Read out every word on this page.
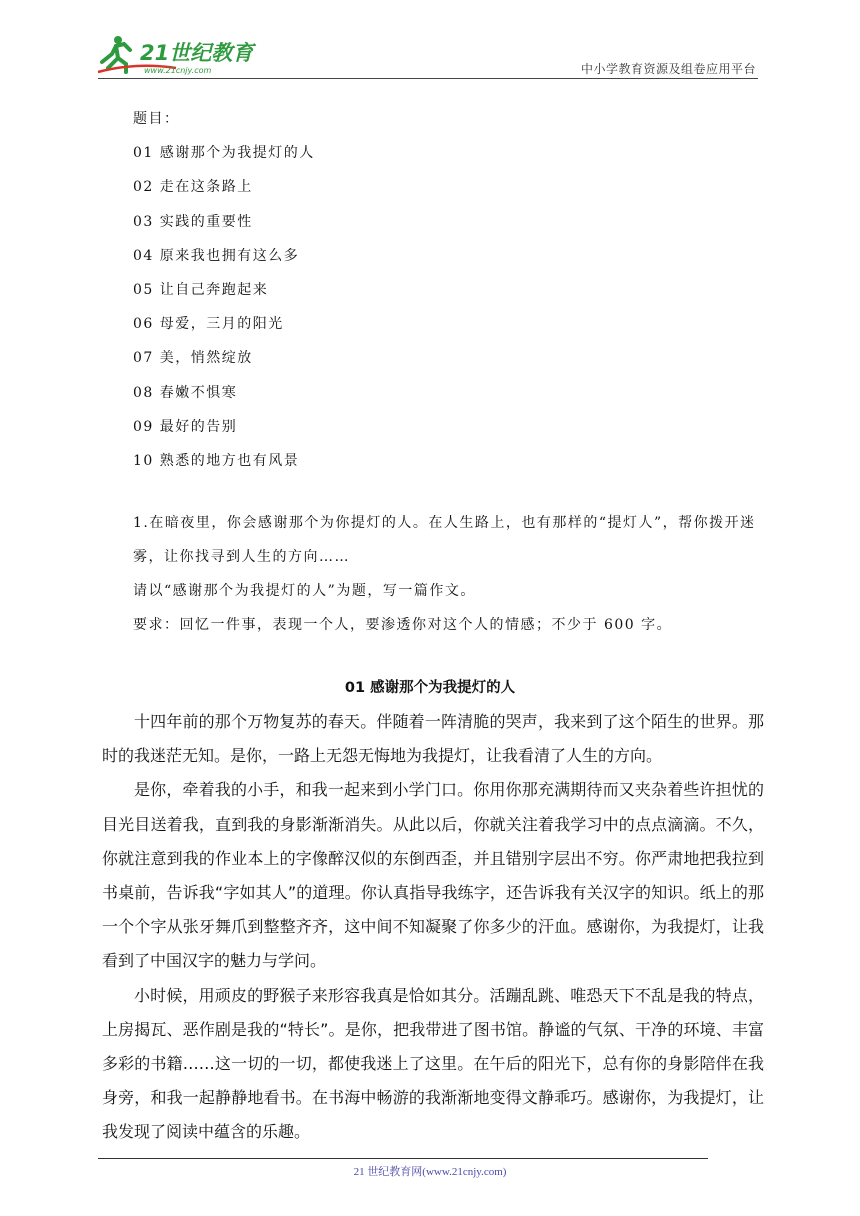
21世纪教育
www.21cnjy.com	中小学教育资源及组卷应用平台
题目：
01 感谢那个为我提灯的人
02 走在这条路上
03 实践的重要性
04 原来我也拥有这么多
05 让自己奔跑起来
06 母爱，三月的阳光
07 美，悄然绽放
08 春嫩不惧寒
09 最好的告别
10 熟悉的地方也有风景

1.在暗夜里，你会感谢那个为你提灯的人。在人生路上，也有那样的“提灯人”，帮你拨开迷雾，让你找寻到人生的方向……

请以“感谢那个为我提灯的人”为题，写一篇作文。

要求：回忆一件事，表现一个人，要渗透你对这个人的情感；不少于 600 字。

01 感谢那个为我提灯的人

十四年前的那个万物复苏的春天。伴随着一阵清脆的哭声，我来到了这个陌生的世界。那时的我迷茫无知。是你，一路上无怨无悔地为我提灯，让我看清了人生的方向。

是你，牵着我的小手，和我一起来到小学门口。你用你那充满期待而又夹杂着些许担忧的目光目送着我，直到我的身影渐渐消失。从此以后，你就关注着我学习中的点点滴滴。不久，你就注意到我的作业本上的字像醉汉似的东倒西歪，并且错别字层出不穷。你严肃地把我拉到书桌前，告诉我“字如其人”的道理。你认真指导我练字，还告诉我有关汉字的知识。纸上的那一个个字从张牙舞爪到整整齐齐，这中间不知凝聚了你多少的汗血。感谢你，为我提灯，让我看到了中国汉字的魅力与学问。

小时候，用顽皮的野猴子来形容我真是恰如其分。活蹦乱跳、唯恐天下不乱是我的特点，上房揭瓦、恶作剧是我的“特长”。是你，把我带进了图书馆。静谧的气氛、干净的环境、丰富多彩的书籍……这一切的一切，都使我迷上了这里。在午后的阳光下，总有你的身影陪伴在我身旁，和我一起静静地看书。在书海中畅游的我渐渐地变得文静乖巧。感谢你，为我提灯，让我发现了阅读中蕴含的乐趣。

21 世纪教育网(www.21cnjy.com)
